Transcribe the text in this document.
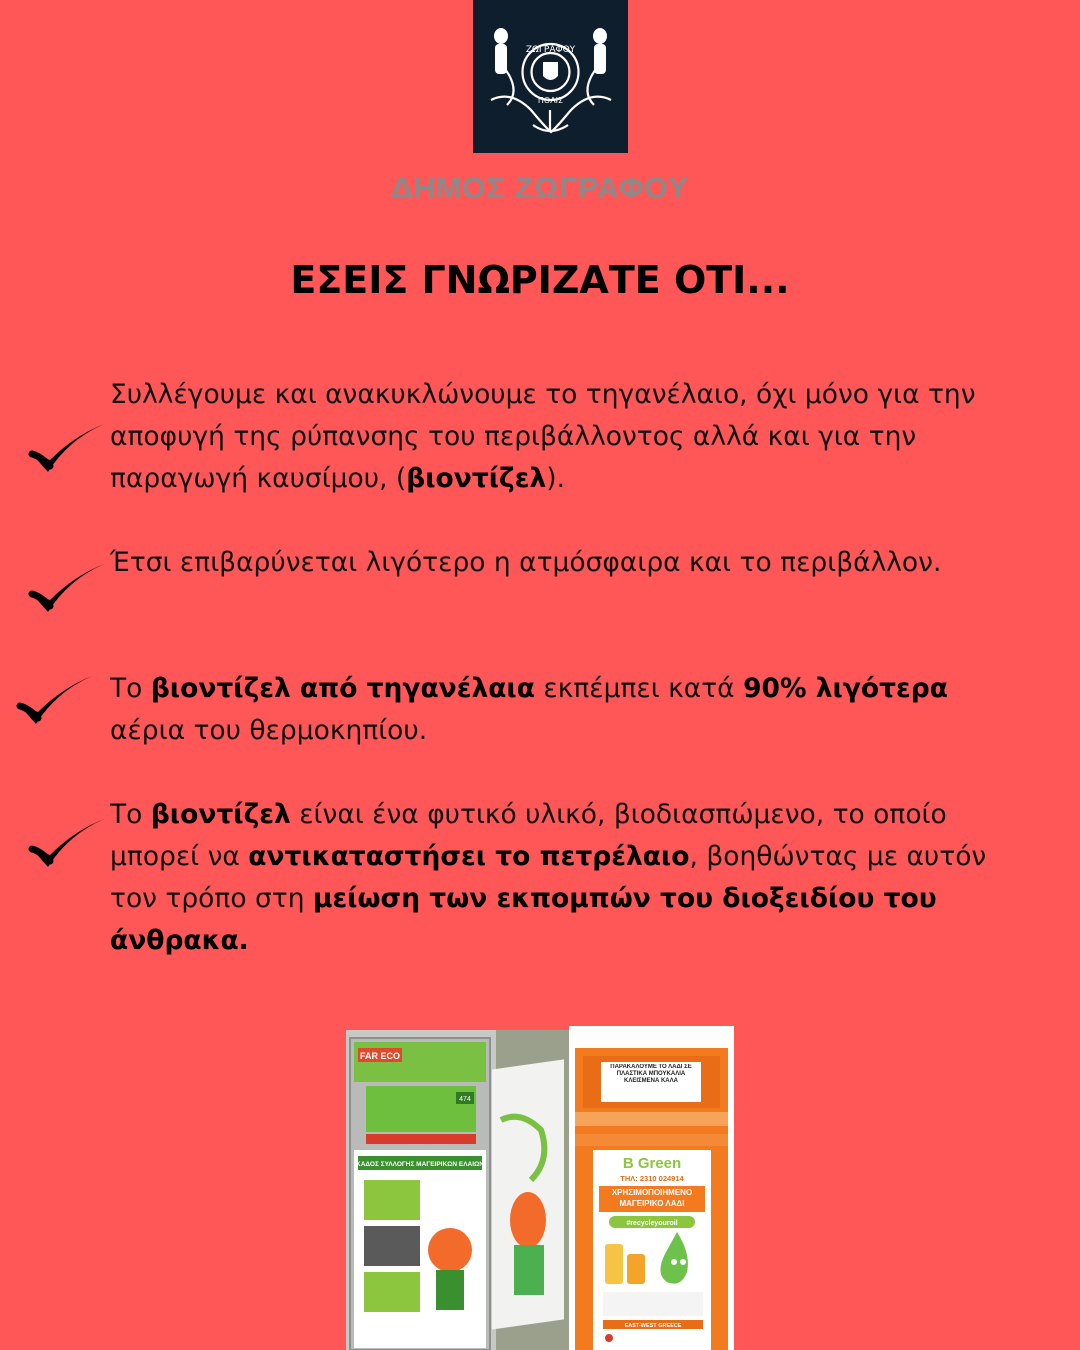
ΖΩΓΡΑΦΟΥ
ΠΟΛΙΣ
ΔΗΜΟΣ ΖΩΓΡΑΦΟΥ
ΕΣΕΙΣ ΓΝΩΡΙΖΑΤΕ ΟΤΙ...
Συλλέγουμε και ανακυκλώνουμε το τηγανέλαιο, όχι μόνο για την αποφυγή της ρύπανσης του περιβάλλοντος αλλά και για την παραγωγή καυσίμου, (βιοντίζελ).
Έτσι επιβαρύνεται λιγότερο η ατμόσφαιρα και το περιβάλλον.
Το βιοντίζελ από τηγανέλαια εκπέμπει κατά 90% λιγότερα αέρια του θερμοκηπίου.
Το βιοντίζελ είναι ένα φυτικό υλικό, βιοδιασπώμενο, το οποίο μπορεί να αντικαταστήσει το πετρέλαιο, βοηθώντας με αυτόν τον τρόπο στη μείωση των εκπομπών του διοξειδίου του άνθρακα.
FAR ECO
474
ΚΑΔΟΣ ΣΥΛΛΟΓΗΣ ΜΑΓΕΙΡΙΚΩΝ ΕΛΑΙΩΝ
ΠΑΡΑΚΑΛΟΥΜΕ ΤΟ ΛΑΔΙ ΣΕ ΠΛΑΣΤΙΚΑ ΜΠΟΥΚΑΛΙΑ ΚΛΕΙΣΜΕΝΑ ΚΑΛΑ
B Green
ΤΗΛ: 2310 024914
ΧΡΗΣΙΜΟΠΟΙΗΜΕΝΟ ΜΑΓΕΙΡΙΚΟ ΛΑΔΙ
#recycleyouroil
EAST-WEST GREECE
